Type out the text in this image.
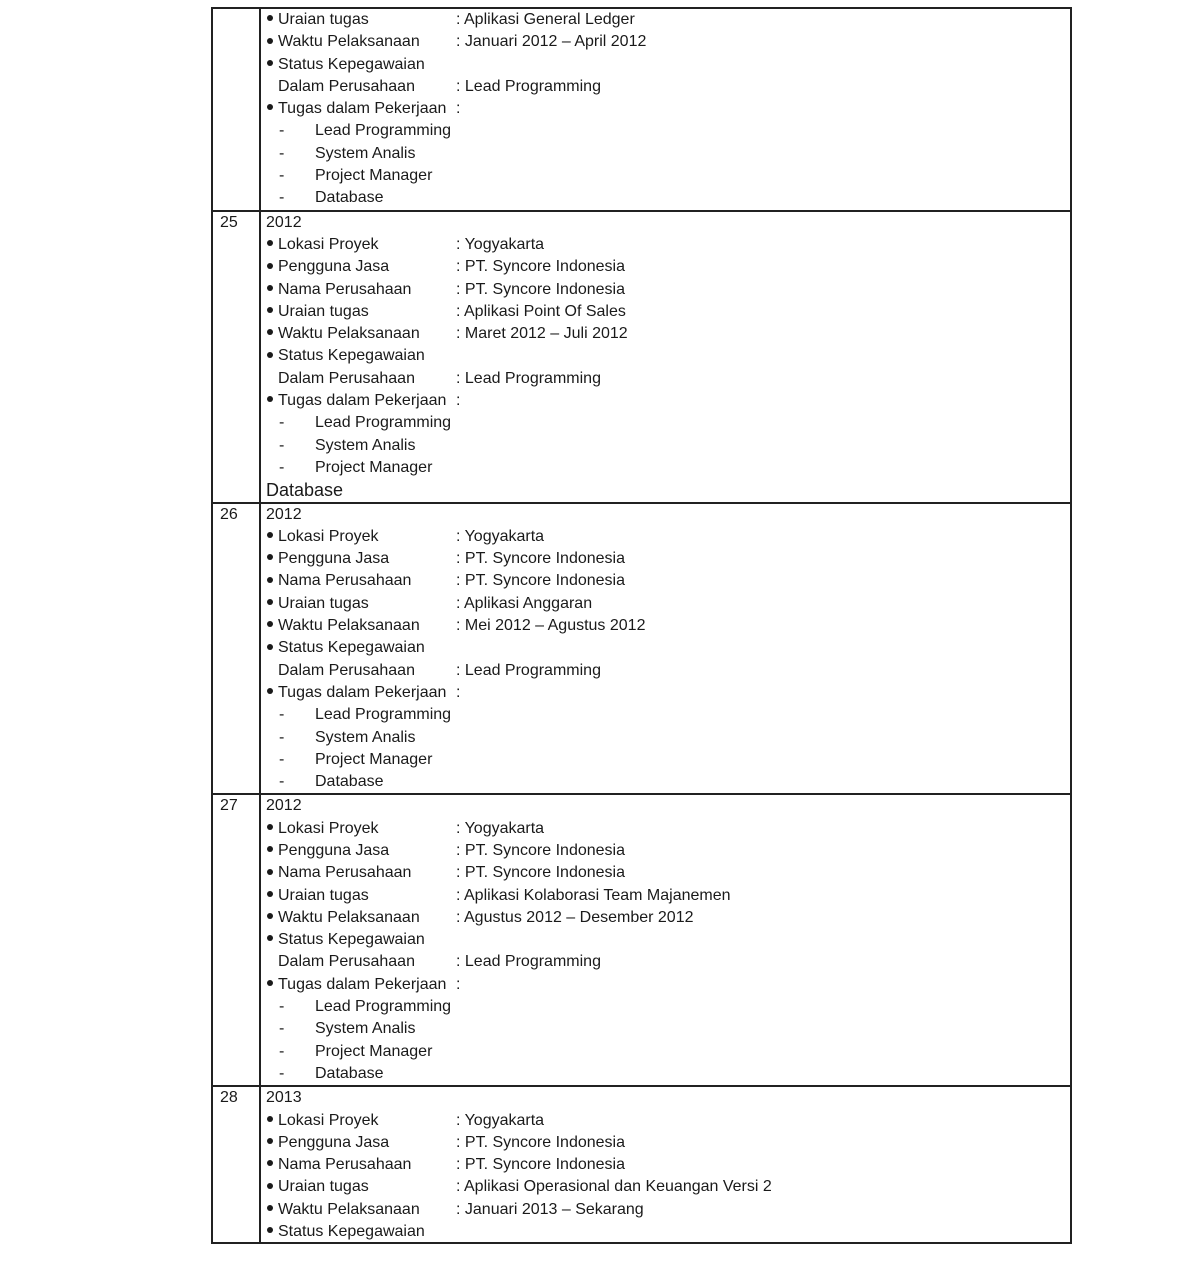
Uraian tugas	: Aplikasi General Ledger
Waktu Pelaksanaan : Januari 2012 – April 2012
Status Kepegawaian
Dalam Perusahaan	: Lead Programming
Tugas dalam Pekerjaan :
- Lead Programming
- System Analis
- Project Manager
- Database
25	2012
Lokasi Proyek	: Yogyakarta
Pengguna Jasa	: PT. Syncore Indonesia
Nama Perusahaan	: PT. Syncore Indonesia
Uraian tugas	: Aplikasi Point Of Sales
Waktu Pelaksanaan : Maret 2012 – Juli 2012
Status Kepegawaian
Dalam Perusahaan	: Lead Programming
Tugas dalam Pekerjaan :
- Lead Programming
- System Analis
- Project Manager
Database
26	2012
Lokasi Proyek	: Yogyakarta
Pengguna Jasa	: PT. Syncore Indonesia
Nama Perusahaan	: PT. Syncore Indonesia
Uraian tugas	: Aplikasi Anggaran
Waktu Pelaksanaan : Mei 2012 – Agustus 2012
Status Kepegawaian
Dalam Perusahaan	: Lead Programming
Tugas dalam Pekerjaan :
- Lead Programming
- System Analis
- Project Manager
- Database
27	2012
Lokasi Proyek	: Yogyakarta
Pengguna Jasa	: PT. Syncore Indonesia
Nama Perusahaan	: PT. Syncore Indonesia
Uraian tugas	: Aplikasi Kolaborasi Team Majanemen
Waktu Pelaksanaan : Agustus 2012 – Desember 2012
Status Kepegawaian
Dalam Perusahaan	: Lead Programming
Tugas dalam Pekerjaan :
- Lead Programming
- System Analis
- Project Manager
- Database
28	2013
Lokasi Proyek	: Yogyakarta
Pengguna Jasa	: PT. Syncore Indonesia
Nama Perusahaan	: PT. Syncore Indonesia
Uraian tugas	: Aplikasi Operasional dan Keuangan Versi 2
Waktu Pelaksanaan : Januari 2013 – Sekarang
Status Kepegawaian
